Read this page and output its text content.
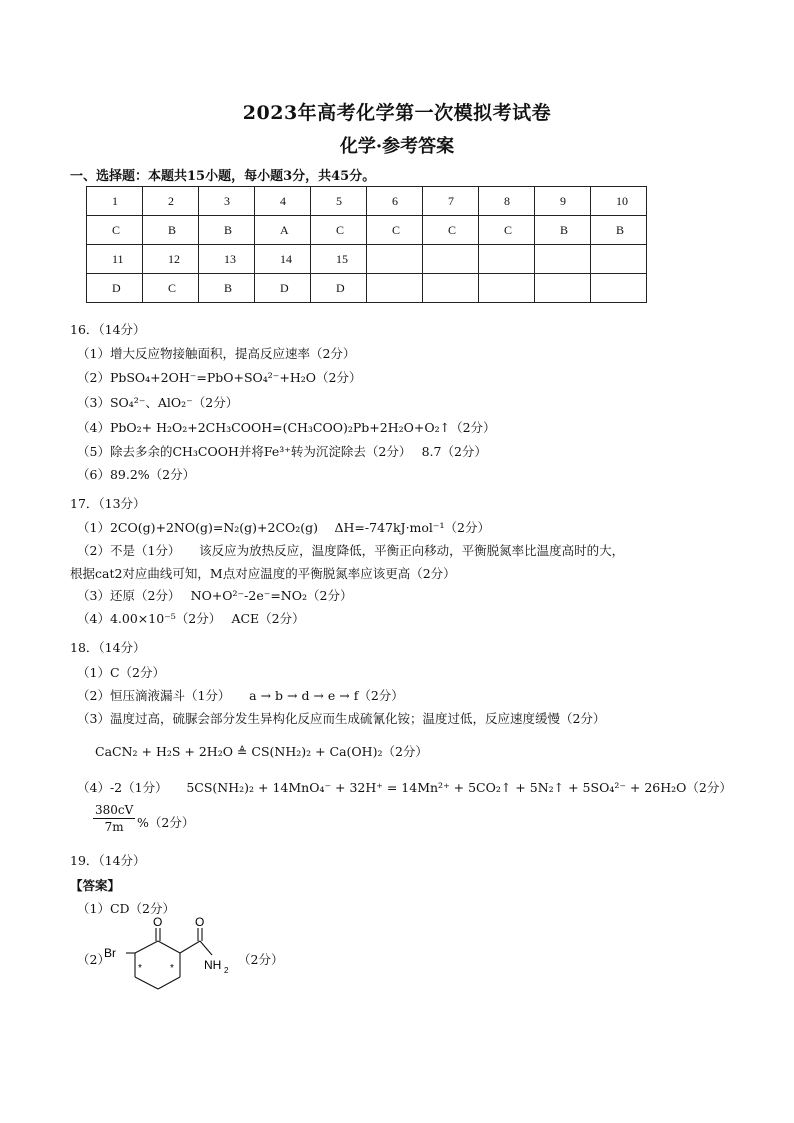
2023年高考化学第一次模拟考试卷
化学·参考答案
一、选择题：本题共15小题，每小题3分，共45分。
1	2	3	4	5	6	7	8	9	10
C	B	B	A	C	C	C	C	B	B
11	12	13	14	15					
D	C	B	D	D					
16．（14分）
（1）增大反应物接触面积，提高反应速率（2分）
（2）PbSO₄+2OH⁻=PbO+SO₄²⁻+H₂O（2分）
（3）SO₄²⁻、AlO₂⁻（2分）
（4）PbO₂+ H₂O₂+2CH₃COOH=(CH₃COO)₂Pb+2H₂O+O₂↑（2分）
（5）除去多余的CH₃COOH并将Fe³⁺转为沉淀除去（2分）　 8.7（2分）
（6）89.2%（2分）
17．（13分）
（1）2CO(g)+2NO(g)=N₂(g)+2CO₂(g)　 ΔH=-747kJ·mol⁻¹（2分）
（2）不是（1分）　　该反应为放热反应，温度降低，平衡正向移动，平衡脱氮率比温度高时的大，
根据cat2对应曲线可知，M点对应温度的平衡脱氮率应该更高（2分）
（3）还原（2分）　 NO+O²⁻-2e⁻=NO₂（2分）
（4）4.00×10⁻⁵（2分）　 ACE（2分）
18．（14分）
（1）C（2分）
（2）恒压滴液漏斗（1分）　　a → b → d → e → f（2分）
（3）温度过高，硫脲会部分发生异构化反应而生成硫氰化铵；温度过低，反应速度缓慢（2分）
CaCN₂ + H₂S + 2H₂O ≜ CS(NH₂)₂ + Ca(OH)₂（2分）
（4）-2（1分）　　5CS(NH₂)₂ + 14MnO₄⁻ + 32H⁺ = 14Mn²⁺ + 5CO₂↑ + 5N₂↑ + 5SO₄²⁻ + 26H₂O（2分）
$\frac{380cV}{7m} \%(2$分）
19．（14分）
【答案】
（1）CD（2分）
（2）
Br
O	O
NH 2
*	*
（2分）
